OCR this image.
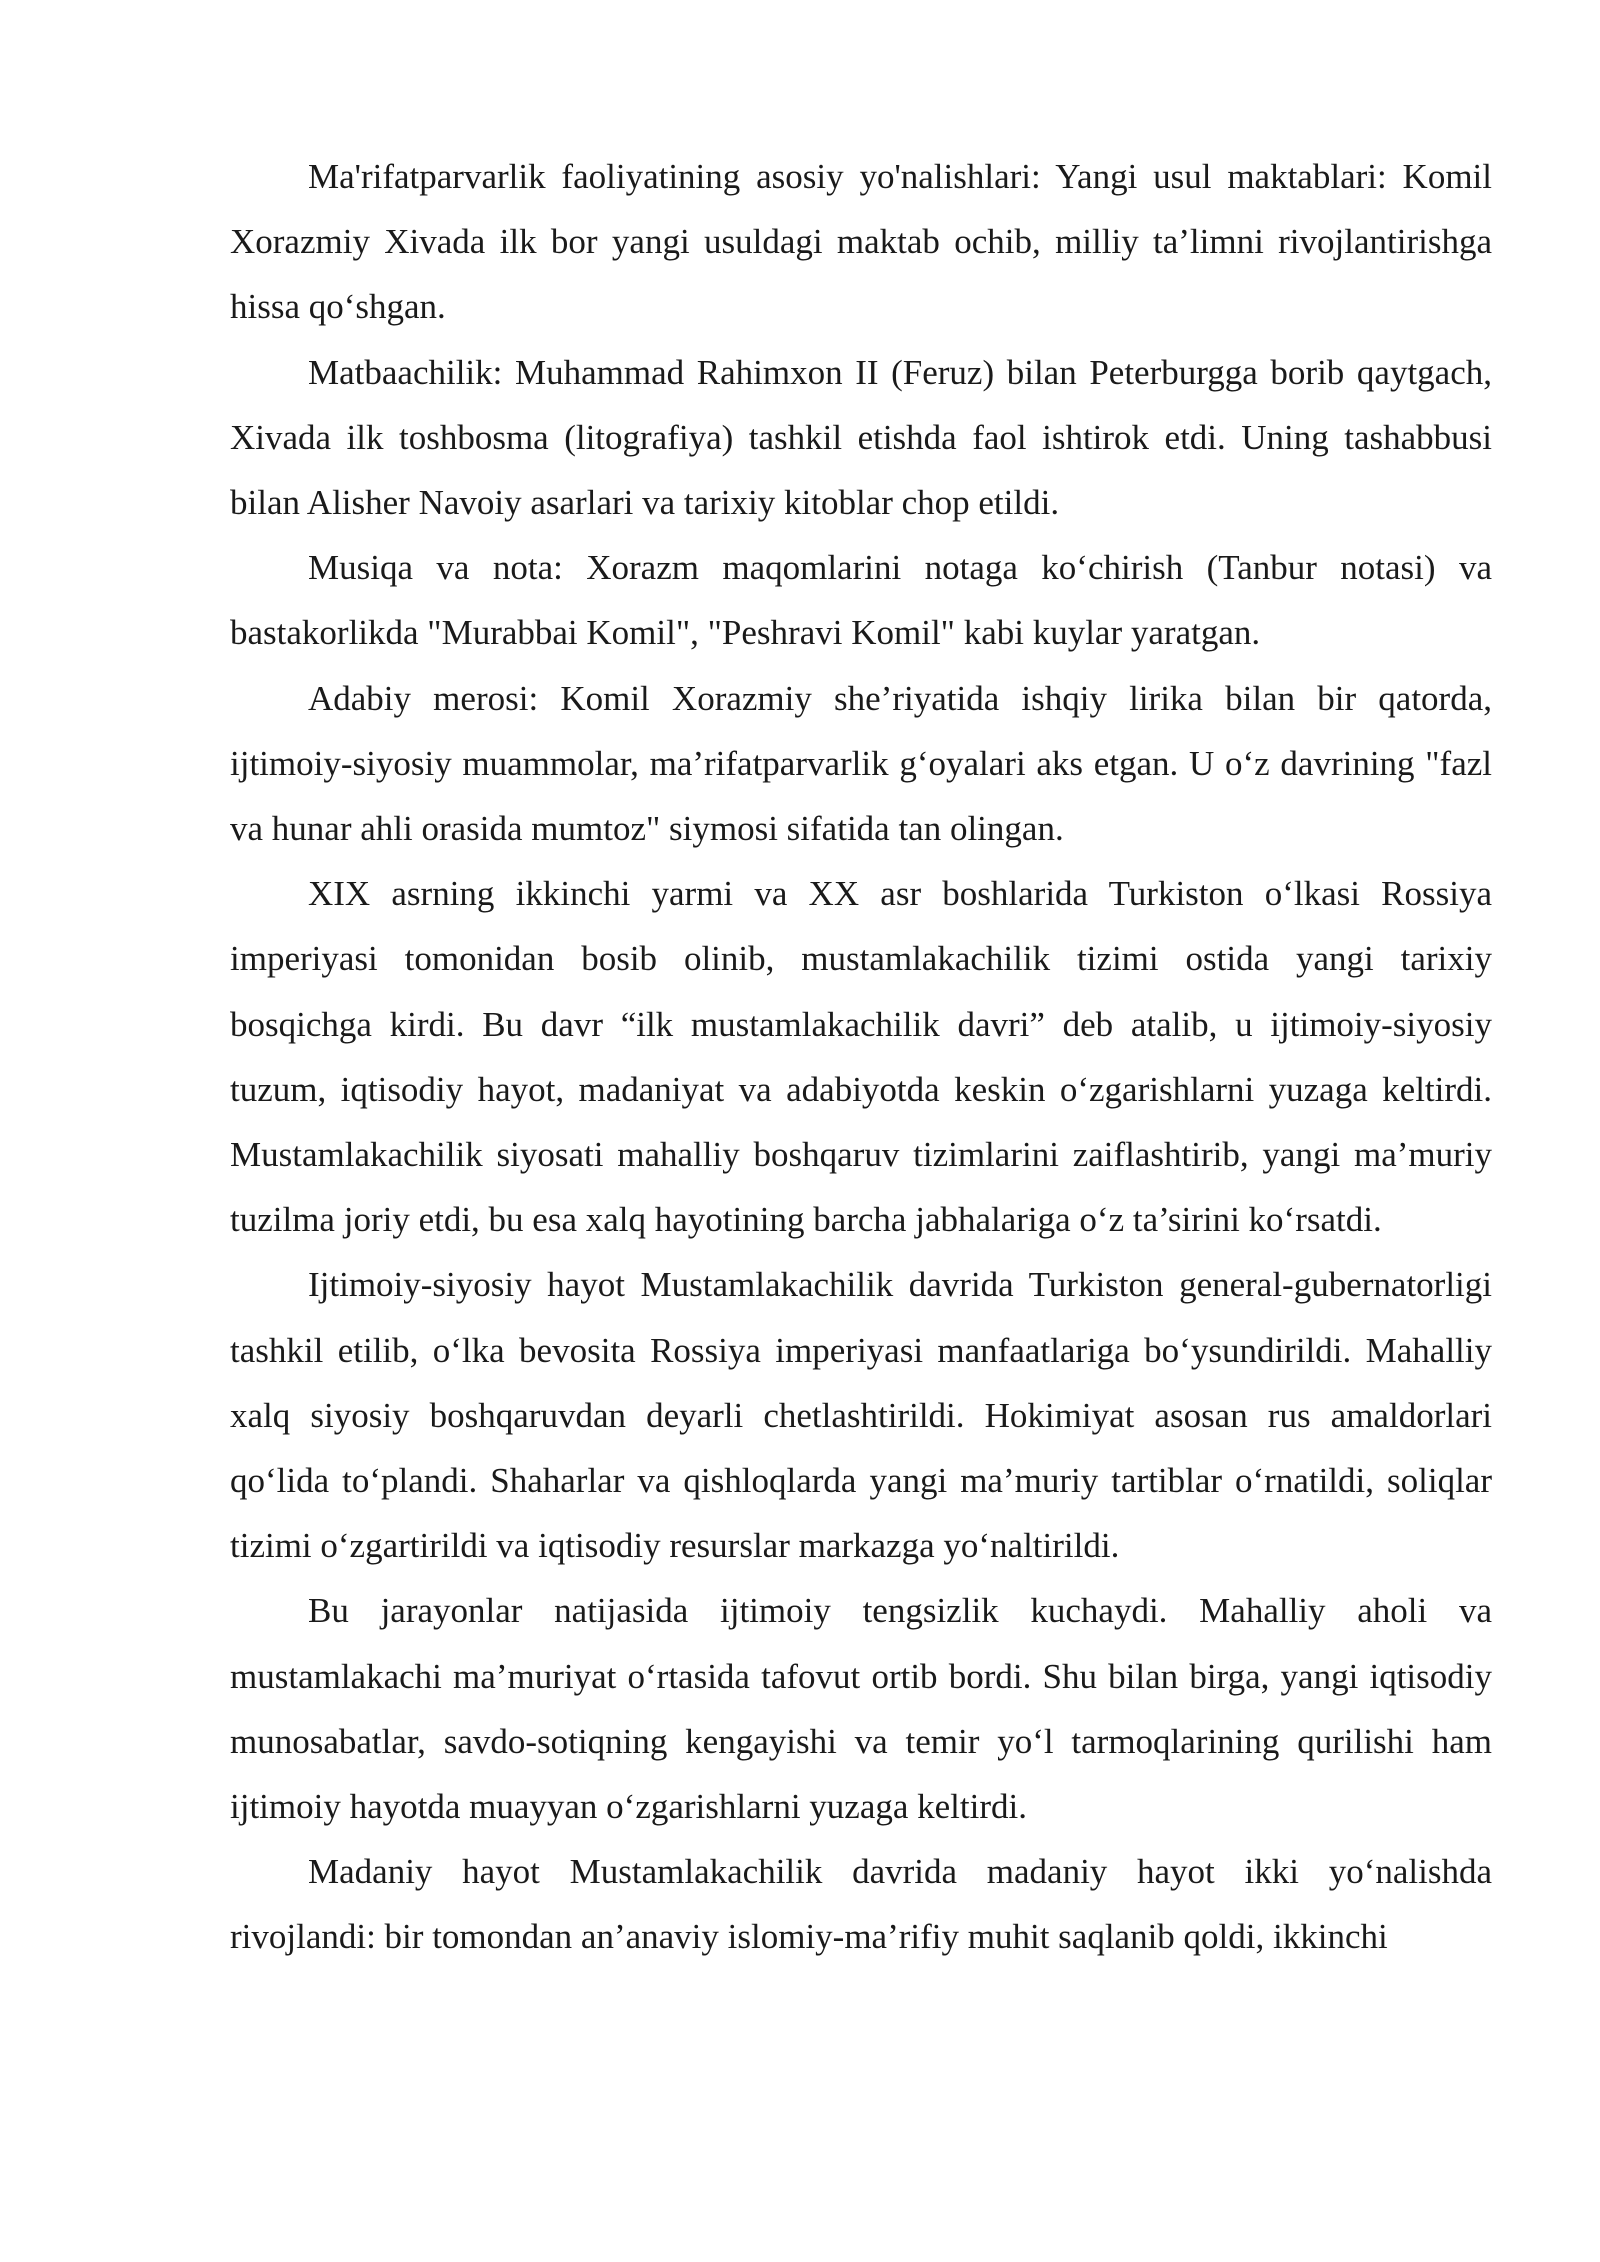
Ma'rifatparvarlik faoliyatining asosiy yo'nalishlari: Yangi usul maktablari: Komil Xorazmiy Xivada ilk bor yangi usuldagi maktab ochib, milliy ta’limni rivojlantirishga hissa qo‘shgan.

Matbaachilik: Muhammad Rahimxon II (Feruz) bilan Peterburgga borib qaytgach, Xivada ilk toshbosma (litografiya) tashkil etishda faol ishtirok etdi. Uning tashabbusi bilan Alisher Navoiy asarlari va tarixiy kitoblar chop etildi.

Musiqa va nota: Xorazm maqomlarini notaga ko‘chirish (Tanbur notasi) va bastakorlikda "Murabbai Komil", "Peshravi Komil" kabi kuylar yaratgan.

Adabiy merosi: Komil Xorazmiy she’riyatida ishqiy lirika bilan bir qatorda, ijtimoiy-siyosiy muammolar, ma’rifatparvarlik g‘oyalari aks etgan. U o‘z davrining "fazl va hunar ahli orasida mumtoz" siymosi sifatida tan olingan.

XIX asrning ikkinchi yarmi va XX asr boshlarida Turkiston o‘lkasi Rossiya imperiyasi tomonidan bosib olinib, mustamlakachilik tizimi ostida yangi tarixiy bosqichga kirdi. Bu davr “ilk mustamlakachilik davri” deb atalib, u ijtimoiy-siyosiy tuzum, iqtisodiy hayot, madaniyat va adabiyotda keskin o‘zgarishlarni yuzaga keltirdi. Mustamlakachilik siyosati mahalliy boshqaruv tizimlarini zaiflashtirib, yangi ma’muriy tuzilma joriy etdi, bu esa xalq hayotining barcha jabhalariga o‘z ta’sirini ko‘rsatdi.

Ijtimoiy-siyosiy hayot Mustamlakachilik davrida Turkiston general-gubernatorligi tashkil etilib, o‘lka bevosita Rossiya imperiyasi manfaatlariga bo‘ysundirildi. Mahalliy xalq siyosiy boshqaruvdan deyarli chetlashtirildi. Hokimiyat asosan rus amaldorlari qo‘lida to‘plandi. Shaharlar va qishloqlarda yangi ma’muriy tartiblar o‘rnatildi, soliqlar tizimi o‘zgartirildi va iqtisodiy resurslar markazga yo‘naltirildi.

Bu jarayonlar natijasida ijtimoiy tengsizlik kuchaydi. Mahalliy aholi va mustamlakachi ma’muriyat o‘rtasida tafovut ortib bordi. Shu bilan birga, yangi iqtisodiy munosabatlar, savdo-sotiqning kengayishi va temir yo‘l tarmoqlarining qurilishi ham ijtimoiy hayotda muayyan o‘zgarishlarni yuzaga keltirdi.

Madaniy hayot Mustamlakachilik davrida madaniy hayot ikki yo‘nalishda rivojlandi: bir tomondan an’anaviy islomiy-ma’rifiy muhit saqlanib qoldi, ikkinchi
